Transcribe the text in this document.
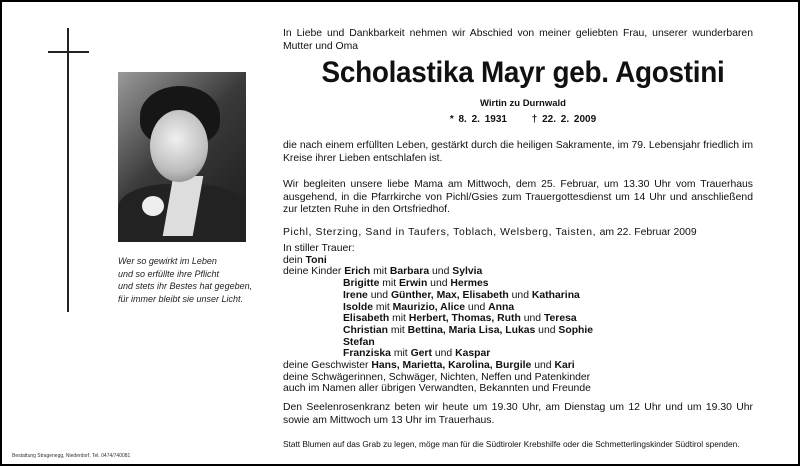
Wer so gewirkt im Leben
und so erfüllte ihre Pflicht
und stets ihr Bestes hat gegeben,
für immer bleibt sie unser Licht.
Bestattung Stragenegg, Niederdorf, Tel. 0474/740081
In Liebe und Dankbarkeit nehmen wir Abschied von meiner geliebten Frau, unserer wunderbaren Mutter und Oma
Scholastika Mayr geb. Agostini
Wirtin zu Durnwald
* 8. 2. 1931 † 22. 2. 2009
die nach einem erfüllten Leben, gestärkt durch die heiligen Sakramente, im 79. Lebensjahr friedlich im Kreise ihrer Lieben entschlafen ist.
Wir begleiten unsere liebe Mama am Mittwoch, dem 25. Februar, um 13.30 Uhr vom Trauerhaus ausgehend, in die Pfarrkirche von Pichl/Gsies zum Trauergottesdienst um 14 Uhr und anschließend zur letzten Ruhe in den Ortsfriedhof.
Pichl, Sterzing, Sand in Taufers, Toblach, Welsberg, Taisten, am 22. Februar 2009
In stiller Trauer:
dein Toni
deine Kinder Erich mit Barbara und Sylvia
Brigitte mit Erwin und Hermes
Irene und Günther, Max, Elisabeth und Katharina
Isolde mit Maurizio, Alice und Anna
Elisabeth mit Herbert, Thomas, Ruth und Teresa
Christian mit Bettina, Maria Lisa, Lukas und Sophie
Stefan
Franziska mit Gert und Kaspar
deine Geschwister Hans, Marietta, Karolina, Burgile und Kari
deine Schwägerinnen, Schwäger, Nichten, Neffen und Patenkinder
auch im Namen aller übrigen Verwandten, Bekannten und Freunde
Den Seelenrosenkranz beten wir heute um 19.30 Uhr, am Dienstag um 12 Uhr und um 19.30 Uhr sowie am Mittwoch um 13 Uhr im Trauerhaus.
Statt Blumen auf das Grab zu legen, möge man für die Südtiroler Krebshilfe oder die Schmetterlingskinder Südtirol spenden.
